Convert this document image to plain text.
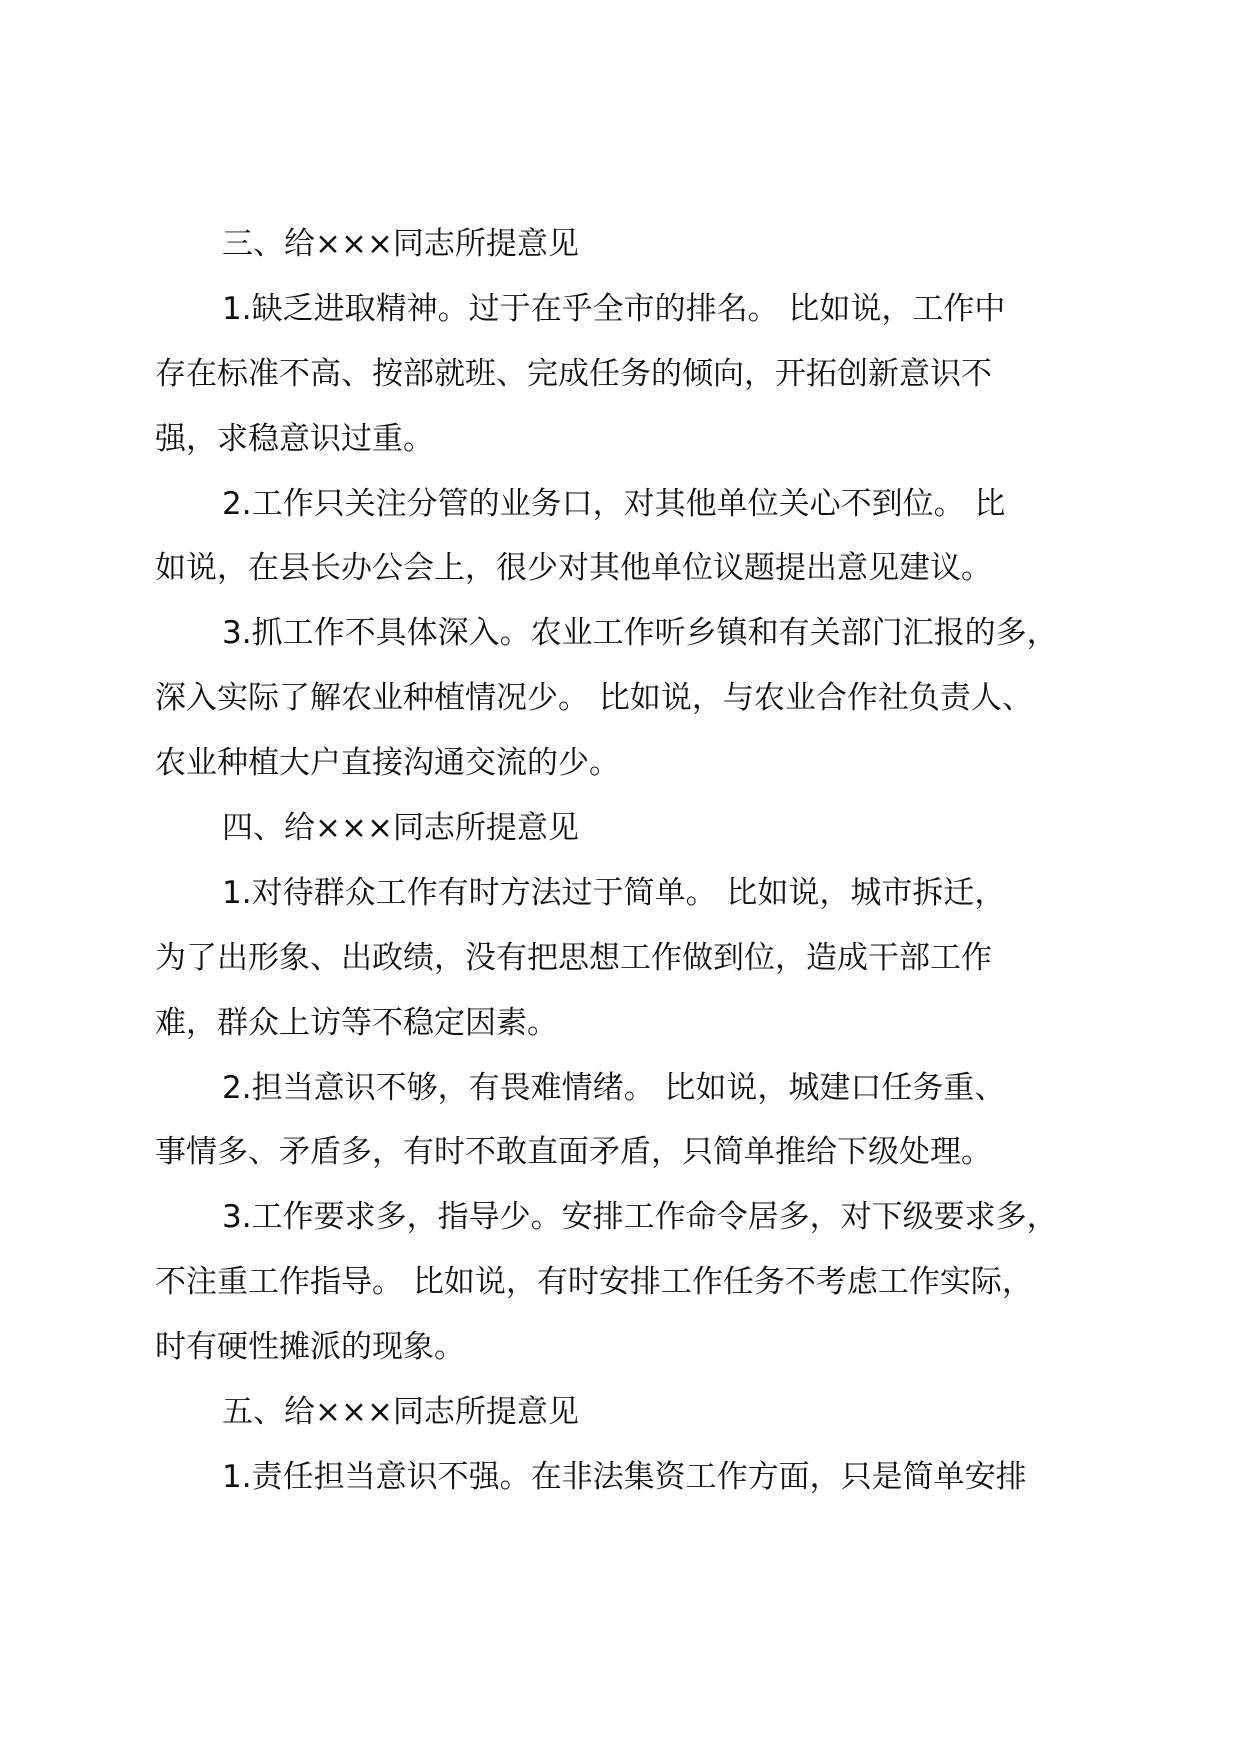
三、给×××同志所提意见
1.缺乏进取精神。过于在乎全市的排名。 比如说，工作中
存在标准不高、按部就班、完成任务的倾向，开拓创新意识不
强，求稳意识过重。
2.工作只关注分管的业务口，对其他单位关心不到位。 比
如说，在县长办公会上，很少对其他单位议题提出意见建议。
3.抓工作不具体深入。农业工作听乡镇和有关部门汇报的多，
深入实际了解农业种植情况少。 比如说，与农业合作社负责人、
农业种植大户直接沟通交流的少。
四、给×××同志所提意见
1.对待群众工作有时方法过于简单。 比如说，城市拆迁，
为了出形象、出政绩，没有把思想工作做到位，造成干部工作
难，群众上访等不稳定因素。
2.担当意识不够，有畏难情绪。 比如说，城建口任务重、
事情多、矛盾多，有时不敢直面矛盾，只简单推给下级处理。
3.工作要求多，指导少。安排工作命令居多，对下级要求多，
不注重工作指导。 比如说，有时安排工作任务不考虑工作实际，
时有硬性摊派的现象。
五、给×××同志所提意见
1.责任担当意识不强。在非法集资工作方面，只是简单安排
